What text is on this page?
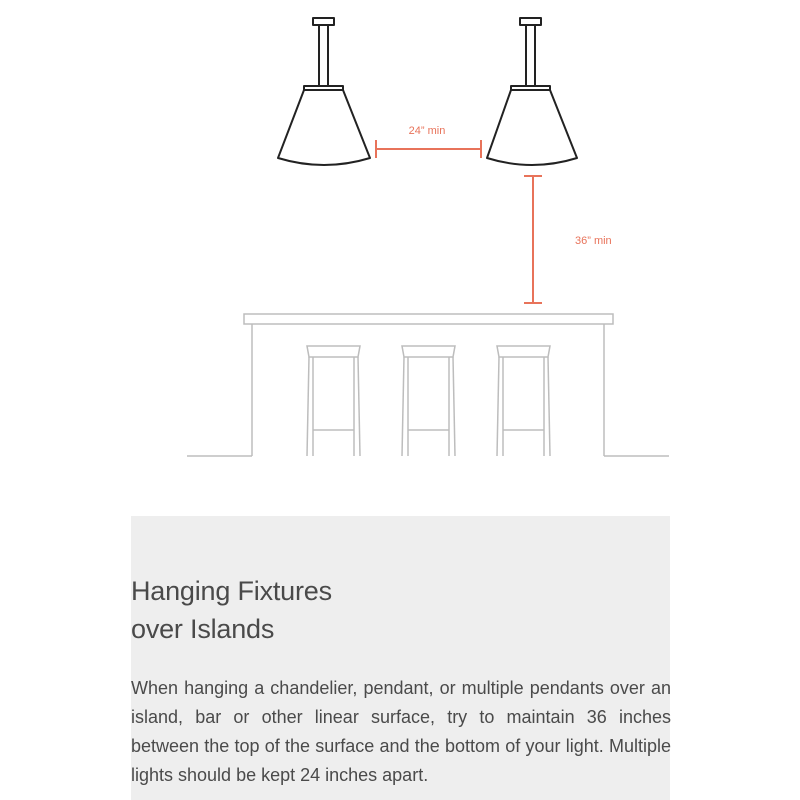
24” min
36” min
Hanging Fixtures
over Islands

When hanging a chandelier, pendant, or multiple pendants over an island, bar or other linear surface, try to maintain 36 inches between the top of the surface and the bottom of your light. Multiple lights should be kept 24 inches apart.
